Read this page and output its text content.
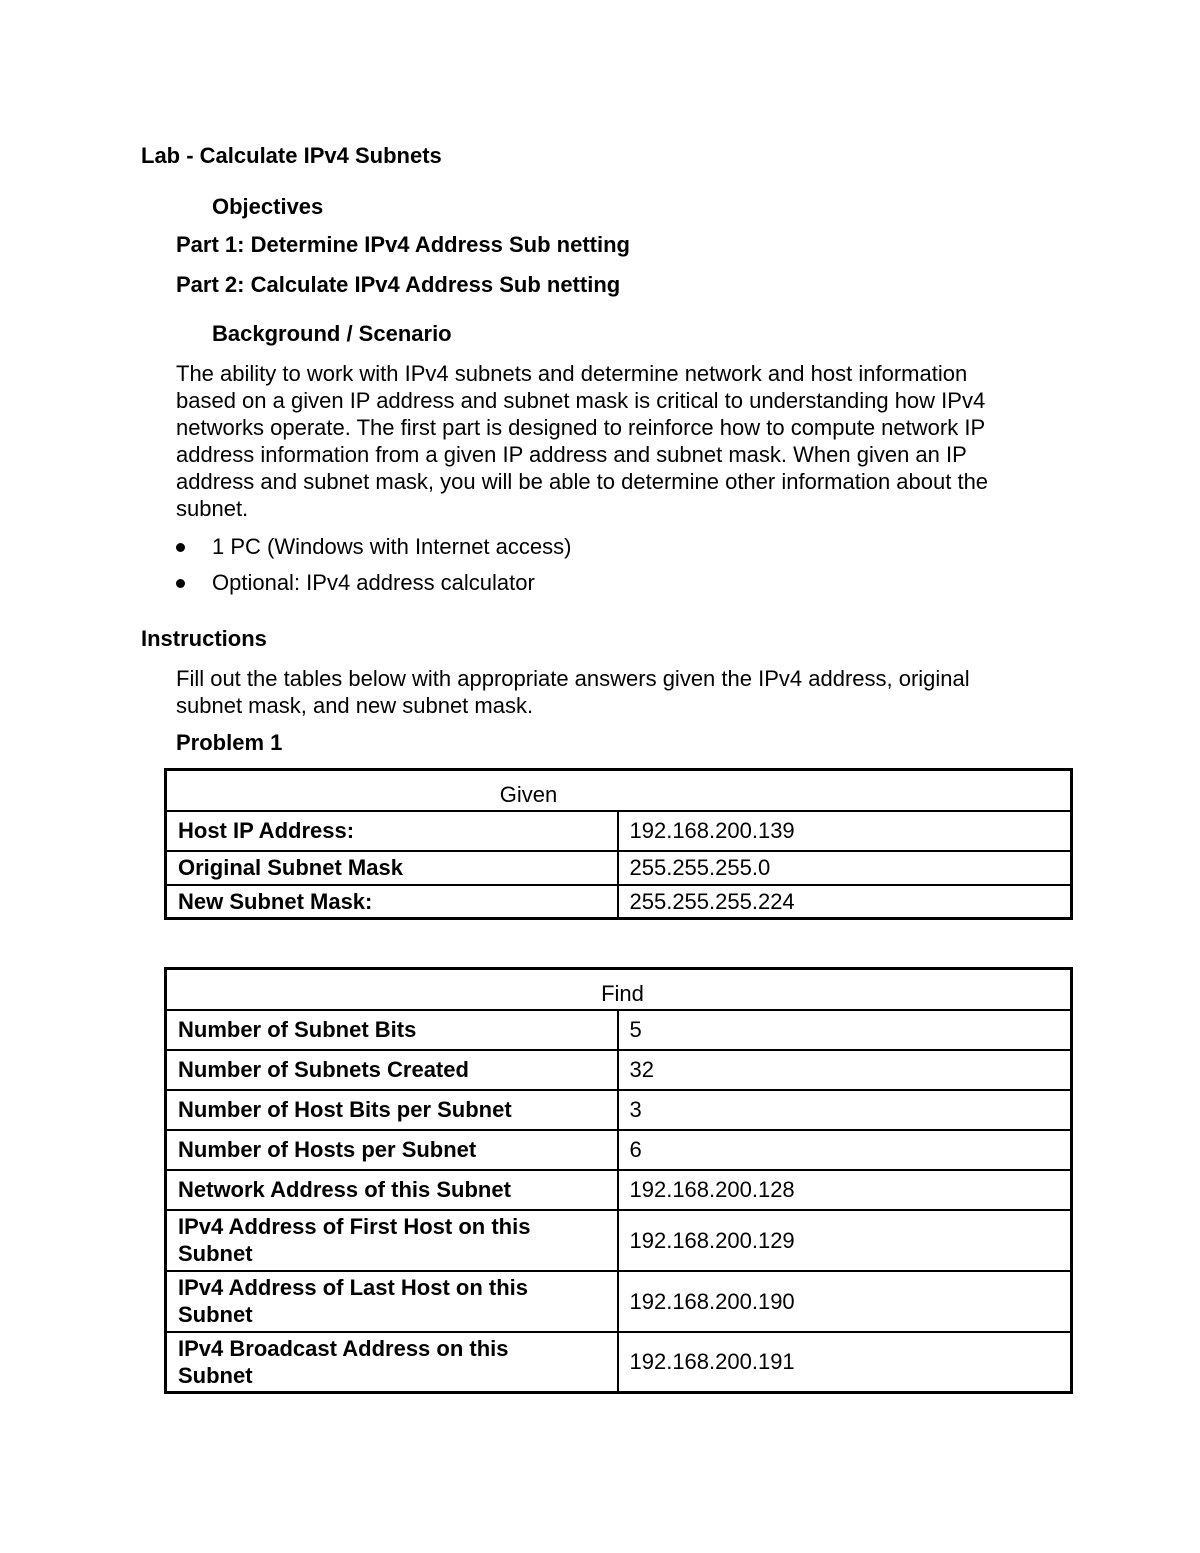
Lab - Calculate IPv4 Subnets
Objectives
Part 1: Determine IPv4 Address Sub netting
Part 2: Calculate IPv4 Address Sub netting
Background / Scenario
The ability to work with IPv4 subnets and determine network and host information
based on a given IP address and subnet mask is critical to understanding how IPv4
networks operate. The first part is designed to reinforce how to compute network IP
address information from a given IP address and subnet mask. When given an IP
address and subnet mask, you will be able to determine other information about the
subnet.
1 PC (Windows with Internet access)
Optional: IPv4 address calculator
Instructions
Fill out the tables below with appropriate answers given the IPv4 address, original
subnet mask, and new subnet mask.
Problem 1
Given	
Host IP Address:	192.168.200.139
Original Subnet Mask	255.255.255.0
New Subnet Mask:	255.255.255.224
Find	
Number of Subnet Bits	5
Number of Subnets Created	32
Number of Host Bits per Subnet	3
Number of Hosts per Subnet	6
Network Address of this Subnet	192.168.200.128

IPv4 Address of First Host on this
Subnet	192.168.200.129

IPv4 Address of Last Host on this
Subnet	192.168.200.190

IPv4 Broadcast Address on this
Subnet	192.168.200.191
